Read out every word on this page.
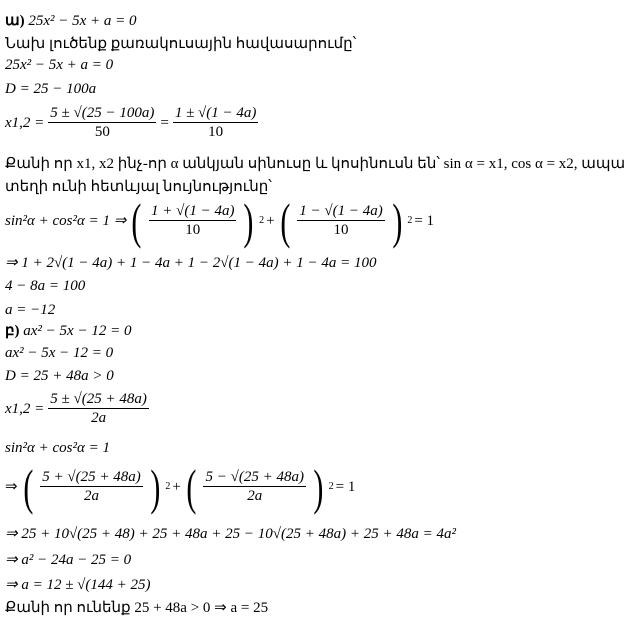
ա) 25x² − 5x + a = 0
Նախ լուծենք քառակուսային հավասարումը՝
25x² − 5x + a = 0
D = 25 − 100a
$x1,2 = \frac{5 \pm √(25 - 100a)}{50} = \frac{1 \pm √(1 - 4a)}{10}$
Քանի որ x1, x2 ինչ-որ α անկյան սինուսը և կոսինուսն են՝ sin α = x1, cos α = x2, ապա
տեղի ունի հետևյալ նույնությունը՝
sin²α + cos²α = 1 ⇒ ( $\frac{1 + √(1 - 4a)}{10}$ ) 2 + ( $\frac{1 - √(1 - 4a)}{10}$ ) 2 = 1
⇒ 1 + 2√(1 − 4a) + 1 − 4a + 1 − 2√(1 − 4a) + 1 − 4a = 100
4 − 8a = 100
a = −12
բ) ax² − 5x − 12 = 0
ax² − 5x − 12 = 0
D = 25 + 48a > 0
$x1,2 = \frac{5 \pm √(25 + 48a)}{2a}$
sin²α + cos²α = 1
⇒ ( $\frac{5 + √(25 + 48a)}{2a}$ ) 2 + ( $\frac{5 - √(25 + 48a)}{2a}$ ) 2 = 1
⇒ 25 + 10√(25 + 48) + 25 + 48a + 25 − 10√(25 + 48a) + 25 + 48a = 4a²
⇒ a² − 24a − 25 = 0
⇒ a = 12 ± √(144 + 25)
Քանի որ ունենք 25 + 48a > 0 ⇒ a = 25
